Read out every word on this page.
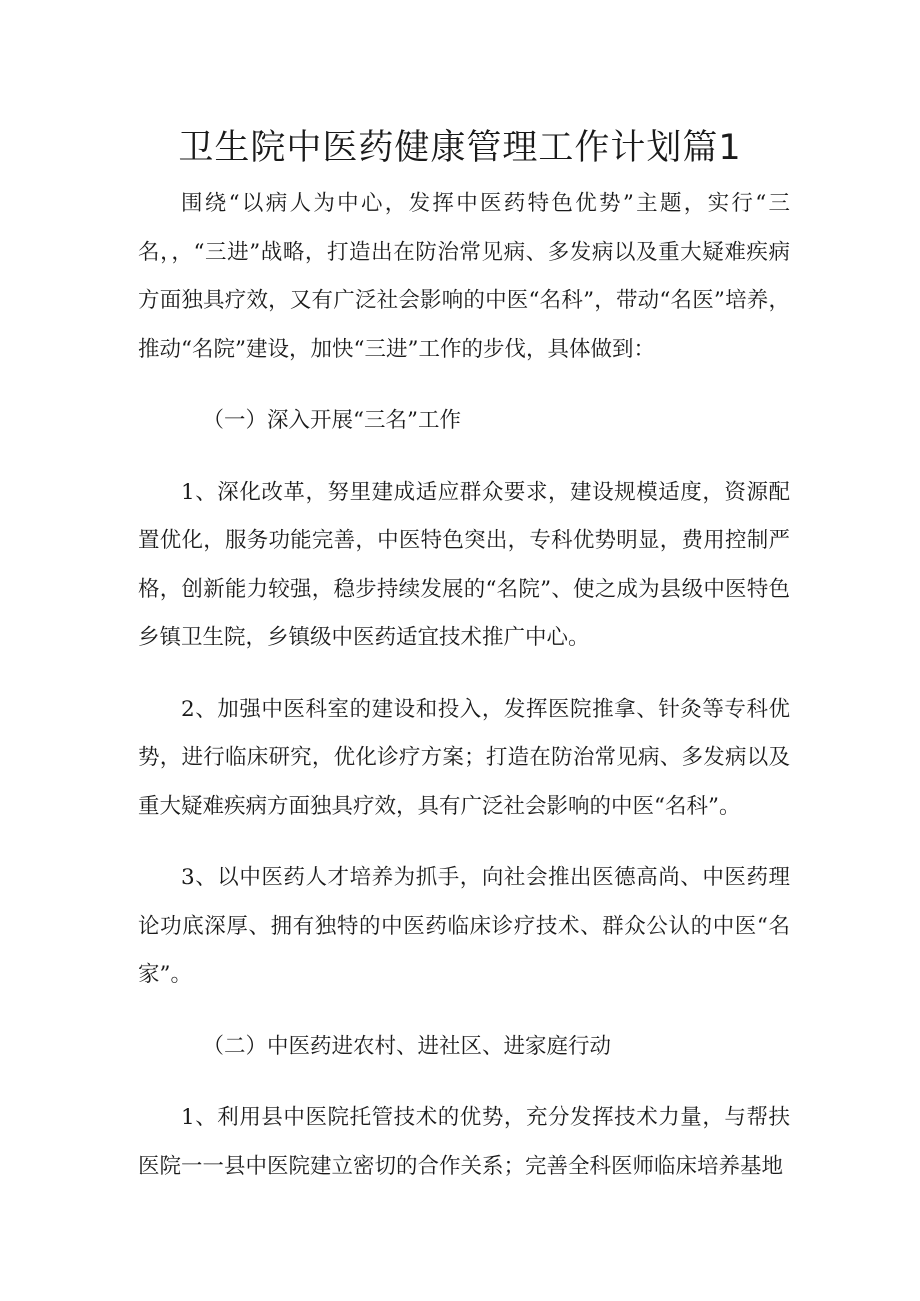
卫生院中医药健康管理工作计划篇1

围绕“以病人为中心，发挥中医药特色优势”主题，实行“三名，，“三进”战略，打造出在防治常见病、多发病以及重大疑难疾病方面独具疗效，又有广泛社会影响的中医“名科”，带动“名医”培养，推动“名院”建设，加快“三进”工作的步伐，具体做到：

（一）深入开展“三名”工作

1、深化改革，努里建成适应群众要求，建设规模适度，资源配置优化，服务功能完善，中医特色突出，专科优势明显，费用控制严格，创新能力较强，稳步持续发展的“名院”、使之成为县级中医特色乡镇卫生院，乡镇级中医药适宜技术推广中心。

2、加强中医科室的建设和投入，发挥医院推拿、针灸等专科优势，进行临床研究，优化诊疗方案；打造在防治常见病、多发病以及重大疑难疾病方面独具疗效，具有广泛社会影响的中医“名科”。

3、以中医药人才培养为抓手，向社会推出医德高尚、中医药理论功底深厚、拥有独特的中医药临床诊疗技术、群众公认的中医“名家”。

（二）中医药进农村、进社区、进家庭行动

1、利用县中医院托管技术的优势，充分发挥技术力量，与帮扶医院一一县中医院建立密切的合作关系；完善全科医师临床培养基地
